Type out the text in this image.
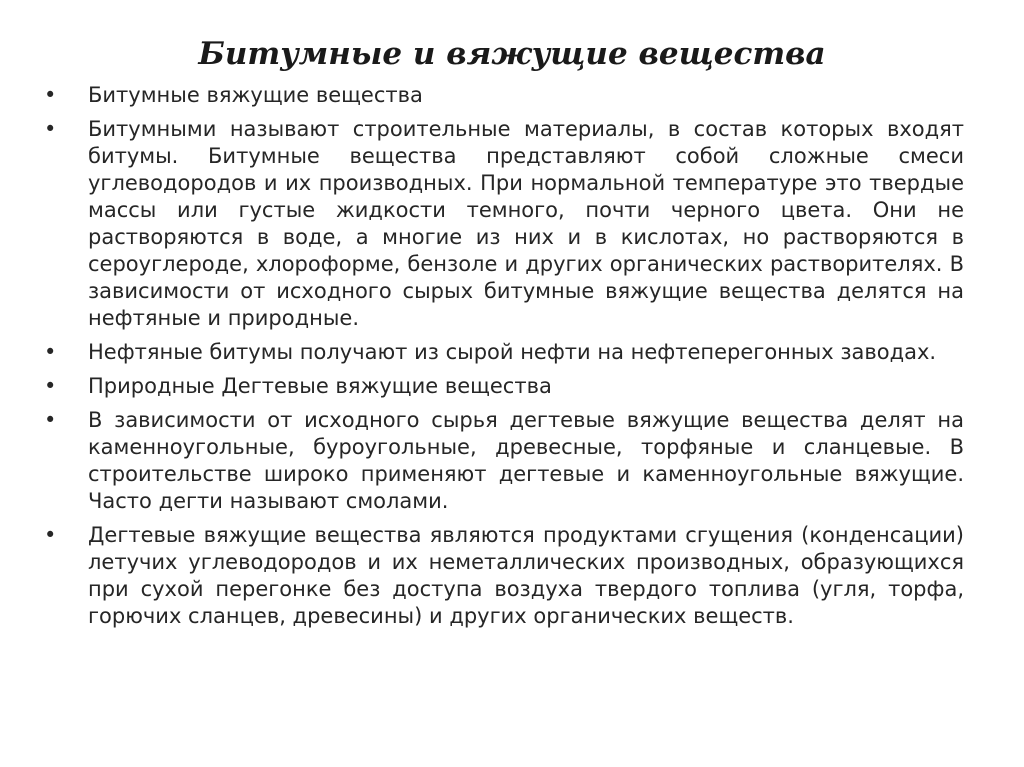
Битумные и вяжущие вещества
•	Битумные вяжущие вещества
•	Битумными называют строительные материалы, в состав которых входят битумы. Битумные вещества представляют собой сложные смеси углеводородов и их производных. При нормальной температуре это твердые массы или густые жидкости темного, почти черного цвета. Они не растворяются в воде, а многие из них и в кислотах, но растворяются в сероуглероде, хлороформе, бензоле и других органических растворителях. В зависимости от исходного сырых битумные вяжущие вещества делятся на нефтяные и природные.
•	Нефтяные битумы получают из сырой нефти на нефтеперегонных заводах.
•	Природные Дегтевые вяжущие вещества
•	В зависимости от исходного сырья дегтевые вяжущие вещества делят на каменноугольные, буроугольные, древесные, торфяные и сланцевые. В строительстве широко применяют дегтевые и каменноугольные вяжущие. Часто дегти называют смолами.
•	Дегтевые вяжущие вещества являются продуктами сгущения (конденсации) летучих углеводородов и их неметаллических производных, образующихся при сухой перегонке без доступа воздуха твердого топлива (угля, торфа, горючих сланцев, древесины) и других органических веществ.
